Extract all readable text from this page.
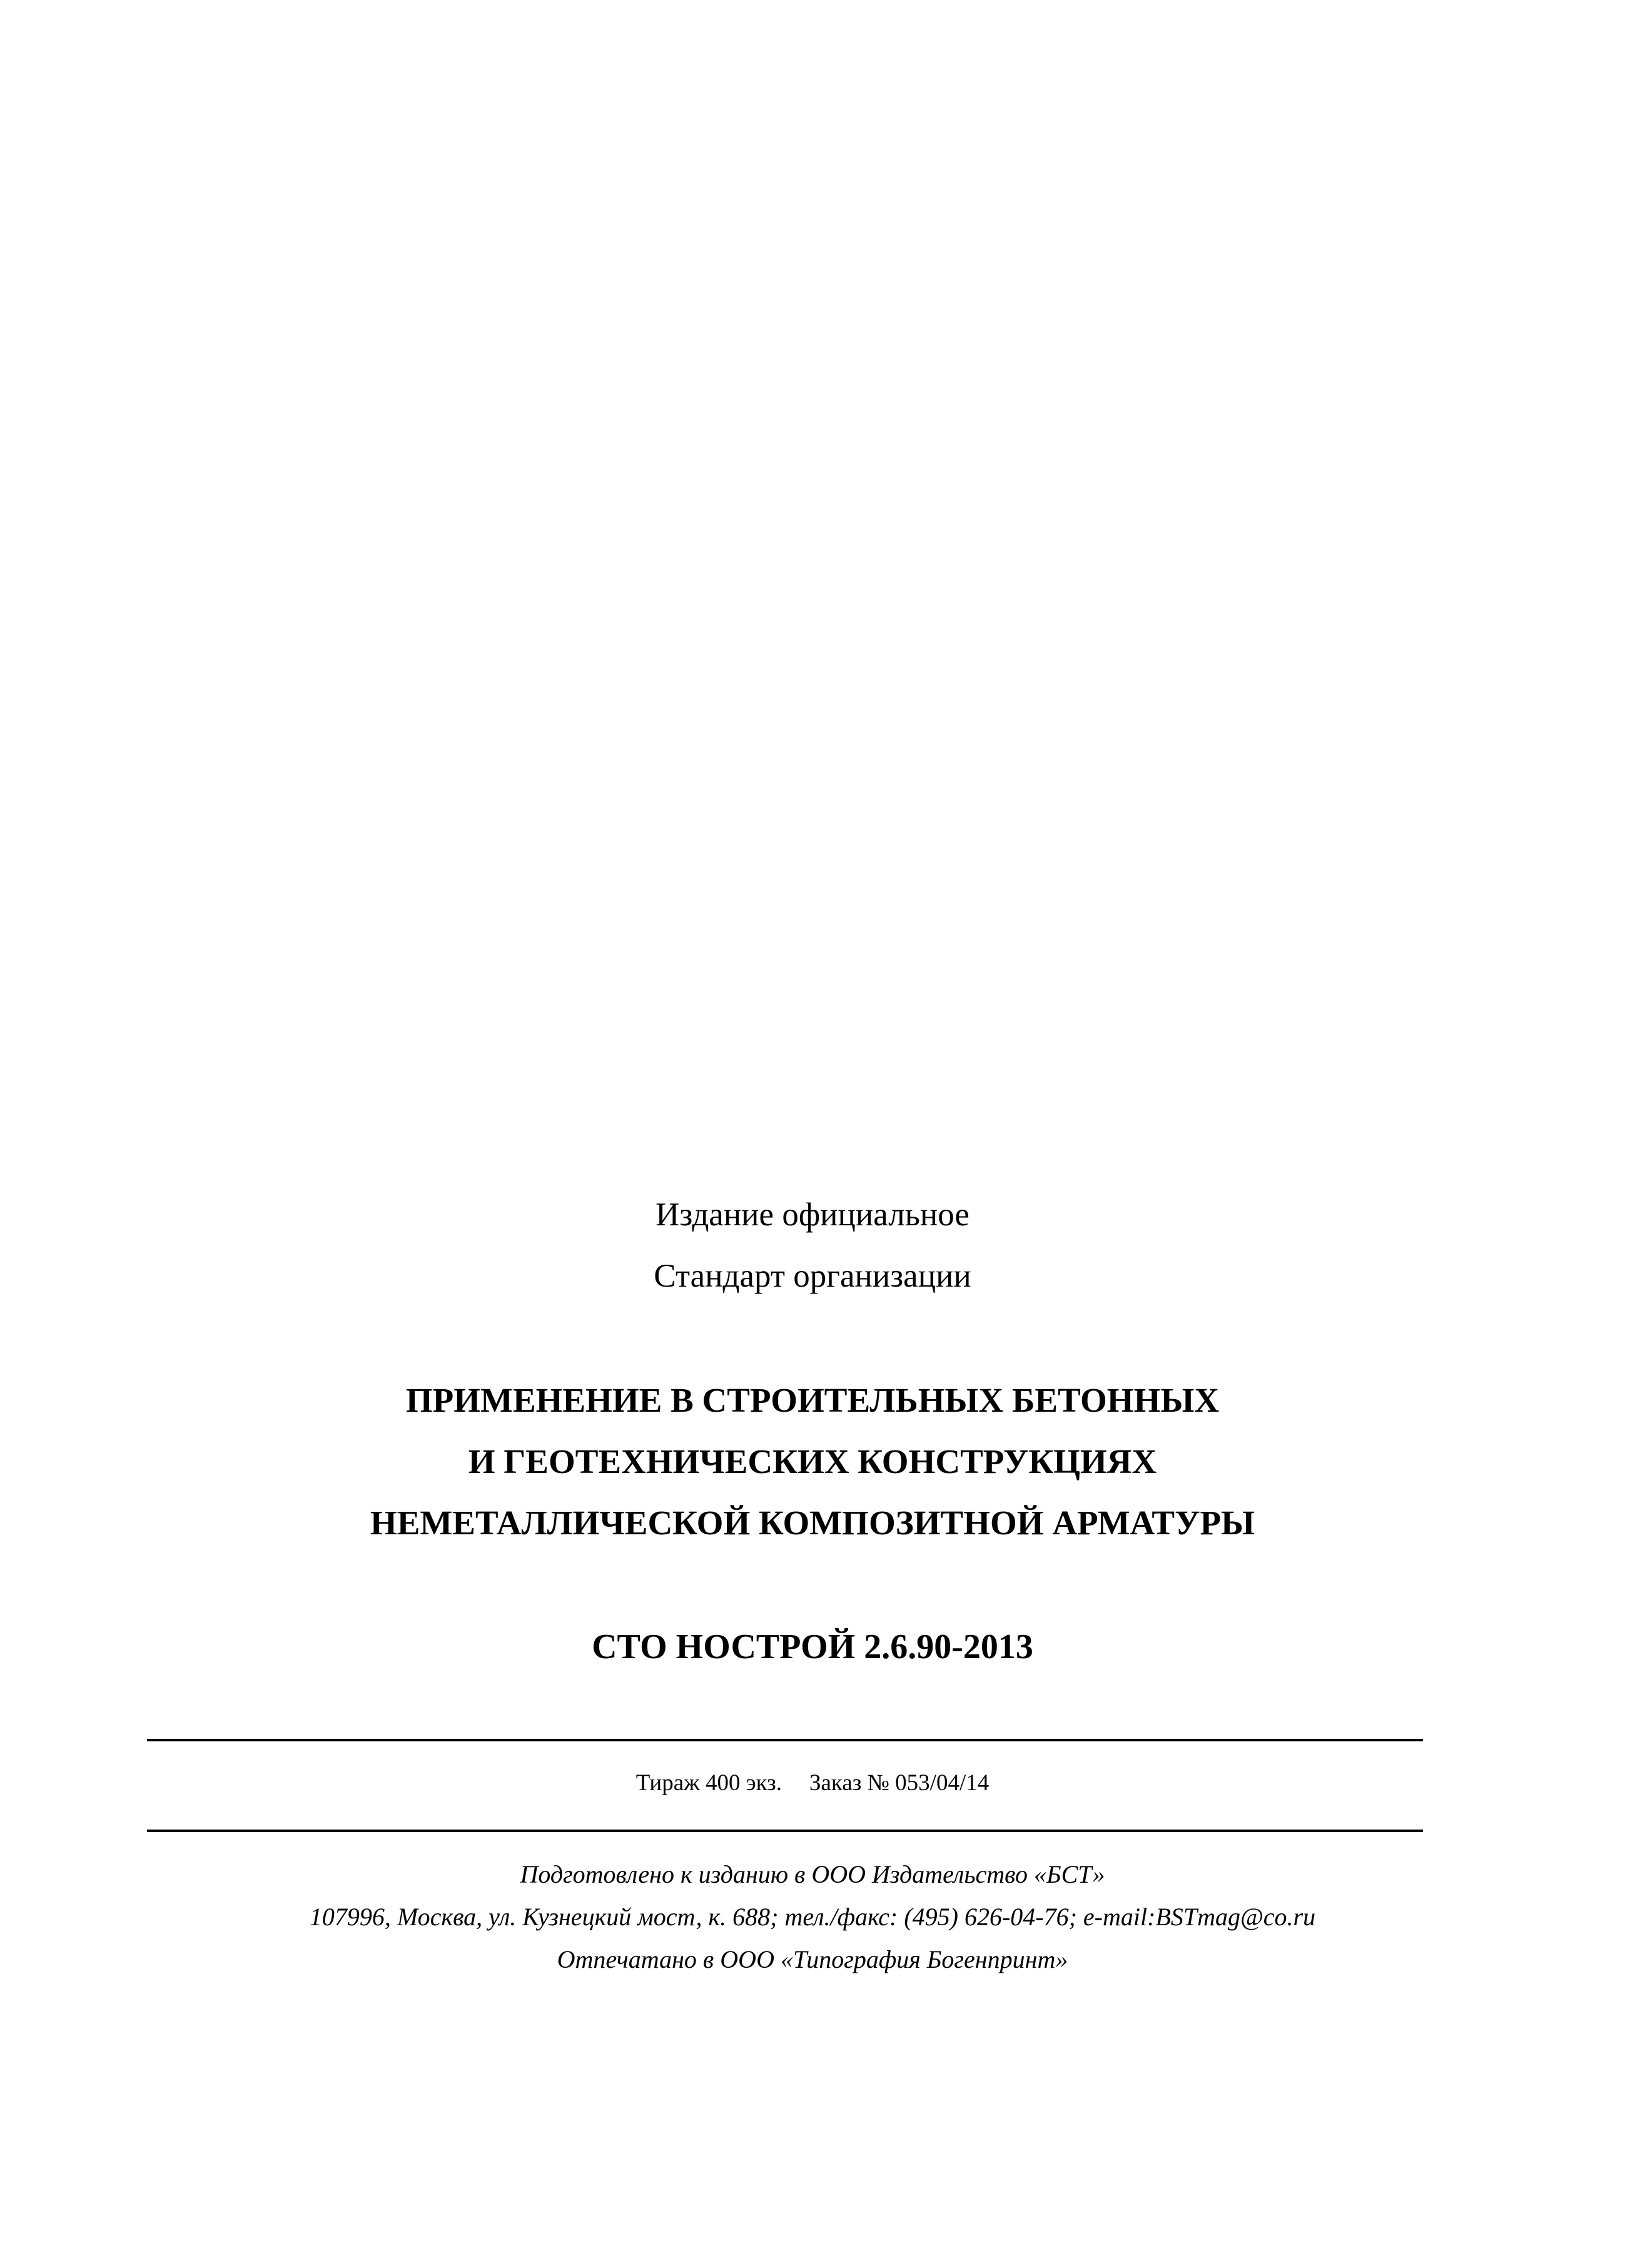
Издание официальное
Стандарт организации
ПРИМЕНЕНИЕ В СТРОИТЕЛЬНЫХ БЕТОННЫХ
И ГЕОТЕХНИЧЕСКИХ КОНСТРУКЦИЯХ
НЕМЕТАЛЛИЧЕСКОЙ КОМПОЗИТНОЙ АРМАТУРЫ
СТО НОСТРОЙ 2.6.90-2013
Тираж 400 экз. Заказ № 053/04/14
Подготовлено к изданию в ООО Издательство «БСТ»
107996, Москва, ул. Кузнецкий мост, к. 688; тел./факс: (495) 626-04-76; e-mail:BSTmag@co.ru
Отпечатано в ООО «Типография Богенпринт»
